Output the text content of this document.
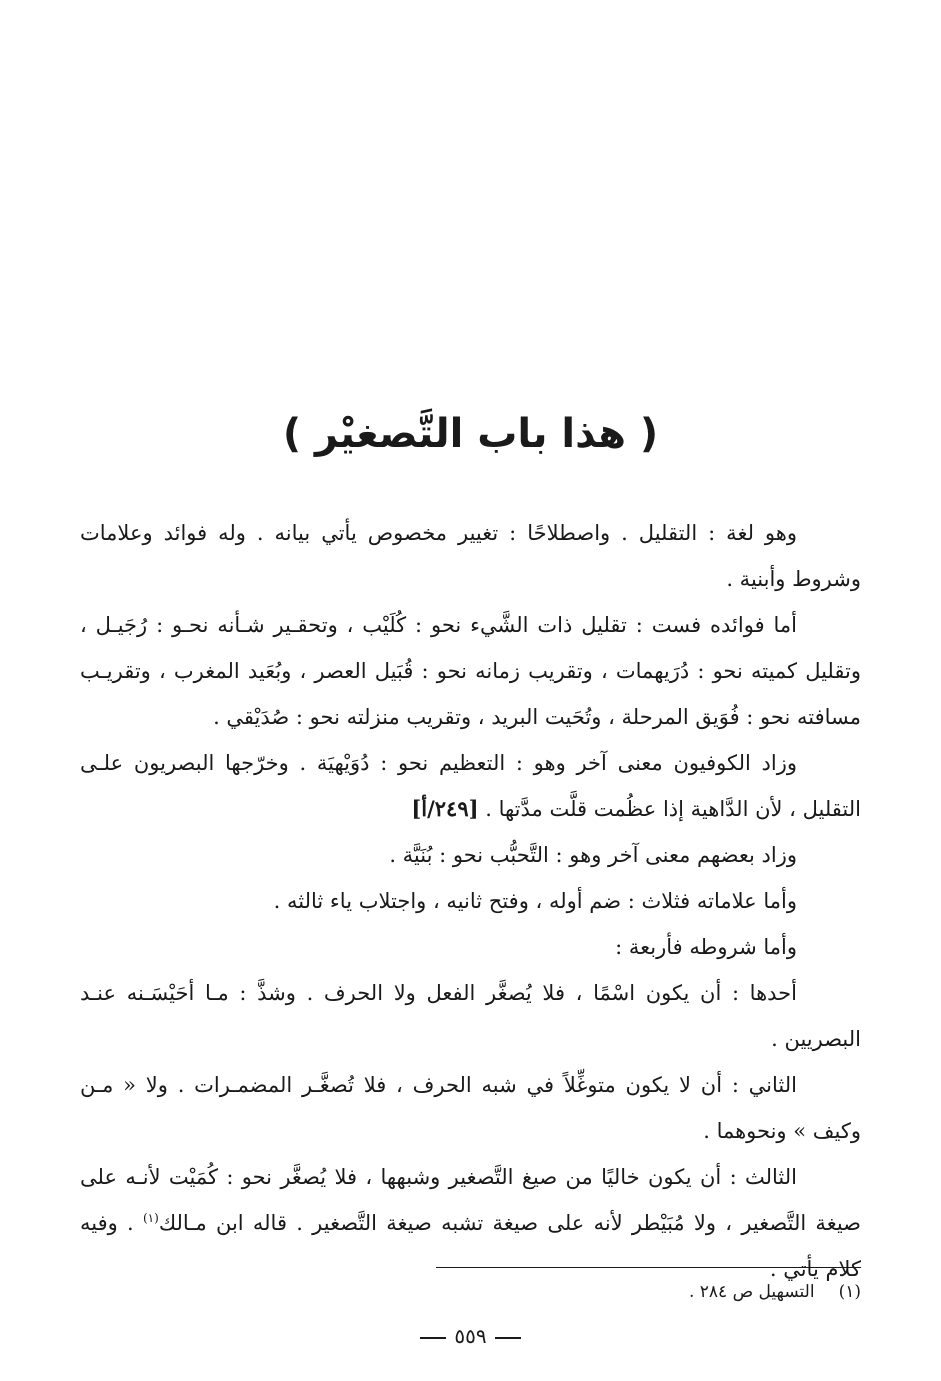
( هذا باب التَّصغيْر )

وهو لغة : التقليل . واصطلاحًا : تغيير مخصوص يأتي بيانه . وله فوائد وعلامات وشروط وأبنية .

أما فوائده فست : تقليل ذات الشَّيء نحو : كُلَيْب ، وتحقـير شـأنه نحـو : رُجَيـل ، وتقليل كميته نحو : دُرَيهمات ، وتقريب زمانه نحو : قُبَيل العصر ، وبُعَيد المغرب ، وتقريـب مسافته نحو : فُوَيق المرحلة ، وتُحَيت البريد ، وتقريب منزلته نحو : صُدَيْقي .

وزاد الكوفيون معنى آخر وهو : التعظيم نحو : دُوَيْهيَة . وخرّجها البصريون علـى التقليل ، لأن الدَّاهية إذا عظُمت قلَّت مدَّتها . [٢٤٩/أ]

وزاد بعضهم معنى آخر وهو : التَّحبُّب نحو : بُنَيَّة .

وأما علاماته فثلاث : ضم أوله ، وفتح ثانيه ، واجتلاب ياء ثالثه .

وأما شروطه فأربعة :

أحدها : أن يكون اسْمًا ، فلا يُصغَّر الفعل ولا الحرف . وشذَّ : مـا أحَيْسَـنه عنـد البصريين .

الثاني : أن لا يكون متوغِّلاً في شبه الحرف ، فلا تُصغَّـر المضمـرات . ولا « مـن وكيف » ونحوهما .

الثالث : أن يكون خاليًا من صيغ التَّصغير وشبهها ، فلا يُصغَّر نحو : كُمَيْت لأنـه على صيغة التَّصغير ، ولا مُبَيْطر لأنه على صيغة تشبه صيغة التَّصغير . قاله ابن مـالك$^{(١)}$ . وفيه كلام يأتي .

(١)التسهيل ص ٢٨٤ .
٥٥٩
